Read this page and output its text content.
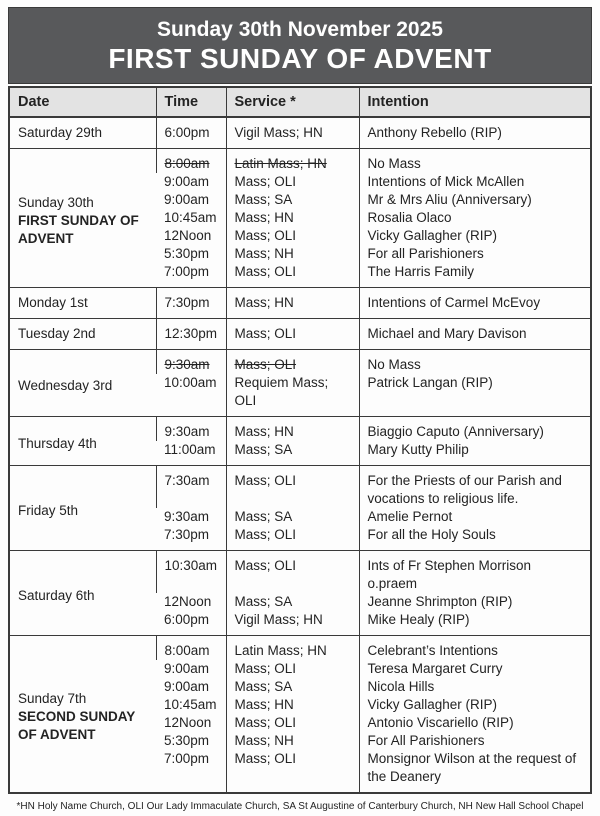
Sunday 30th November 2025
FIRST SUNDAY OF ADVENT
Date	Time	Service *	Intention

Saturday 29th	6:00pm	Vigil Mass; HN	Anthony Rebello (RIP)

Sunday 30th
FIRST SUNDAY OF ADVENT	8:00am	Latin Mass; HN	No Mass
	9:00am	Mass; OLI	Intentions of Mick McAllen
	9:00am	Mass; SA	Mr & Mrs Aliu (Anniversary)
	10:45am	Mass; HN	Rosalia Olaco
	12Noon	Mass; OLI	Vicky Gallagher (RIP)
	5:30pm	Mass; NH	For all Parishioners
	7:00pm	Mass; OLI	The Harris Family

Monday 1st	7:30pm	Mass; HN	Intentions of Carmel McEvoy

Tuesday 2nd	12:30pm	Mass; OLI	Michael and Mary Davison

Wednesday 3rd	9:30am	Mass; OLI	No Mass
	10:00am	Requiem Mass; OLI	Patrick Langan (RIP)

Thursday 4th	9:30am	Mass; HN	Biaggio Caputo (Anniversary)
	11:00am	Mass; SA	Mary Kutty Philip

Friday 5th	7:30am	Mass; OLI	For the Priests of our Parish and vocations to religious life.
	9:30am	Mass; SA	Amelie Pernot
	7:30pm	Mass; OLI	For all the Holy Souls

Saturday 6th	10:30am	Mass; OLI	Ints of Fr Stephen Morrison o.praem
	12Noon	Mass; SA	Jeanne Shrimpton (RIP)
	6:00pm	Vigil Mass; HN	Mike Healy (RIP)

Sunday 7th
SECOND SUNDAY OF ADVENT	8:00am	Latin Mass; HN	Celebrant’s Intentions
	9:00am	Mass; OLI	Teresa Margaret Curry
	9:00am	Mass; SA	Nicola Hills
	10:45am	Mass; HN	Vicky Gallagher (RIP)
	12Noon	Mass; OLI	Antonio Viscariello (RIP)
	5:30pm	Mass; NH	For All Parishioners
	7:00pm	Mass; OLI	Monsignor Wilson at the request of the Deanery
*HN Holy Name Church, OLI Our Lady Immaculate Church, SA St Augustine of Canterbury Church, NH New Hall School Chapel
